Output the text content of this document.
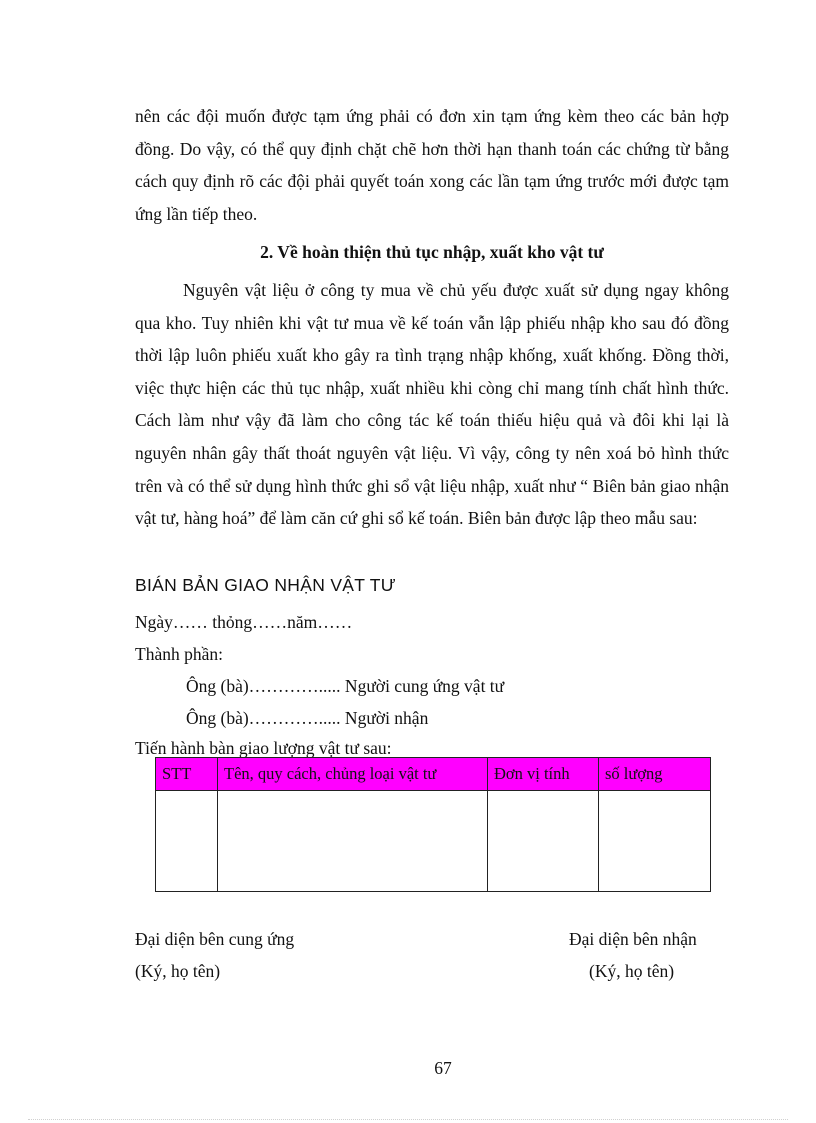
nên các đội muốn được tạm ứng phải có đơn xin tạm ứng kèm theo các bản hợp đồng. Do vậy, có thể quy định chặt chẽ hơn thời hạn thanh toán các chứng từ bằng cách quy định rõ các đội phải quyết toán xong các lần tạm ứng trước mới được tạm ứng lần tiếp theo.

2. Về hoàn thiện thủ tục nhập, xuất kho vật tư

Nguyên vật liệu ở công ty mua về chủ yếu được xuất sử dụng ngay không qua kho. Tuy nhiên khi vật tư mua về kế toán vẫn lập phiếu nhập kho sau đó đồng thời lập luôn phiếu xuất kho gây ra tình trạng nhập khống, xuất khống. Đồng thời, việc thực hiện các thủ tục nhập, xuất nhiều khi còng chỉ mang tính chất hình thức. Cách làm như vậy đã làm cho công tác kế toán thiếu hiệu quả và đôi khi lại là nguyên nhân gây thất thoát nguyên vật liệu. Vì vậy, công ty nên xoá bỏ hình thức trên và có thể sử dụng hình thức ghi sổ vật liệu nhập, xuất như “ Biên bản giao nhận vật tư, hàng hoá” để làm căn cứ ghi sổ kế toán. Biên bản được lập theo mẫu sau:

BIÁN BẢN GIAO NHẬN VẬT TƯ
Ngày…… thỏng……năm……
Thành phần:
Ông (bà)…………..... Người cung ứng vật tư
Ông (bà)…………..... Người nhận
Tiến hành bàn giao lượng vật tư sau:
STT	Tên, quy cách, chủng loại vật tư	Đơn vị tính	số lượng

Đại diện bên cung ứng
(Ký, họ tên)
Đại diện bên nhận
(Ký, họ tên)
67
